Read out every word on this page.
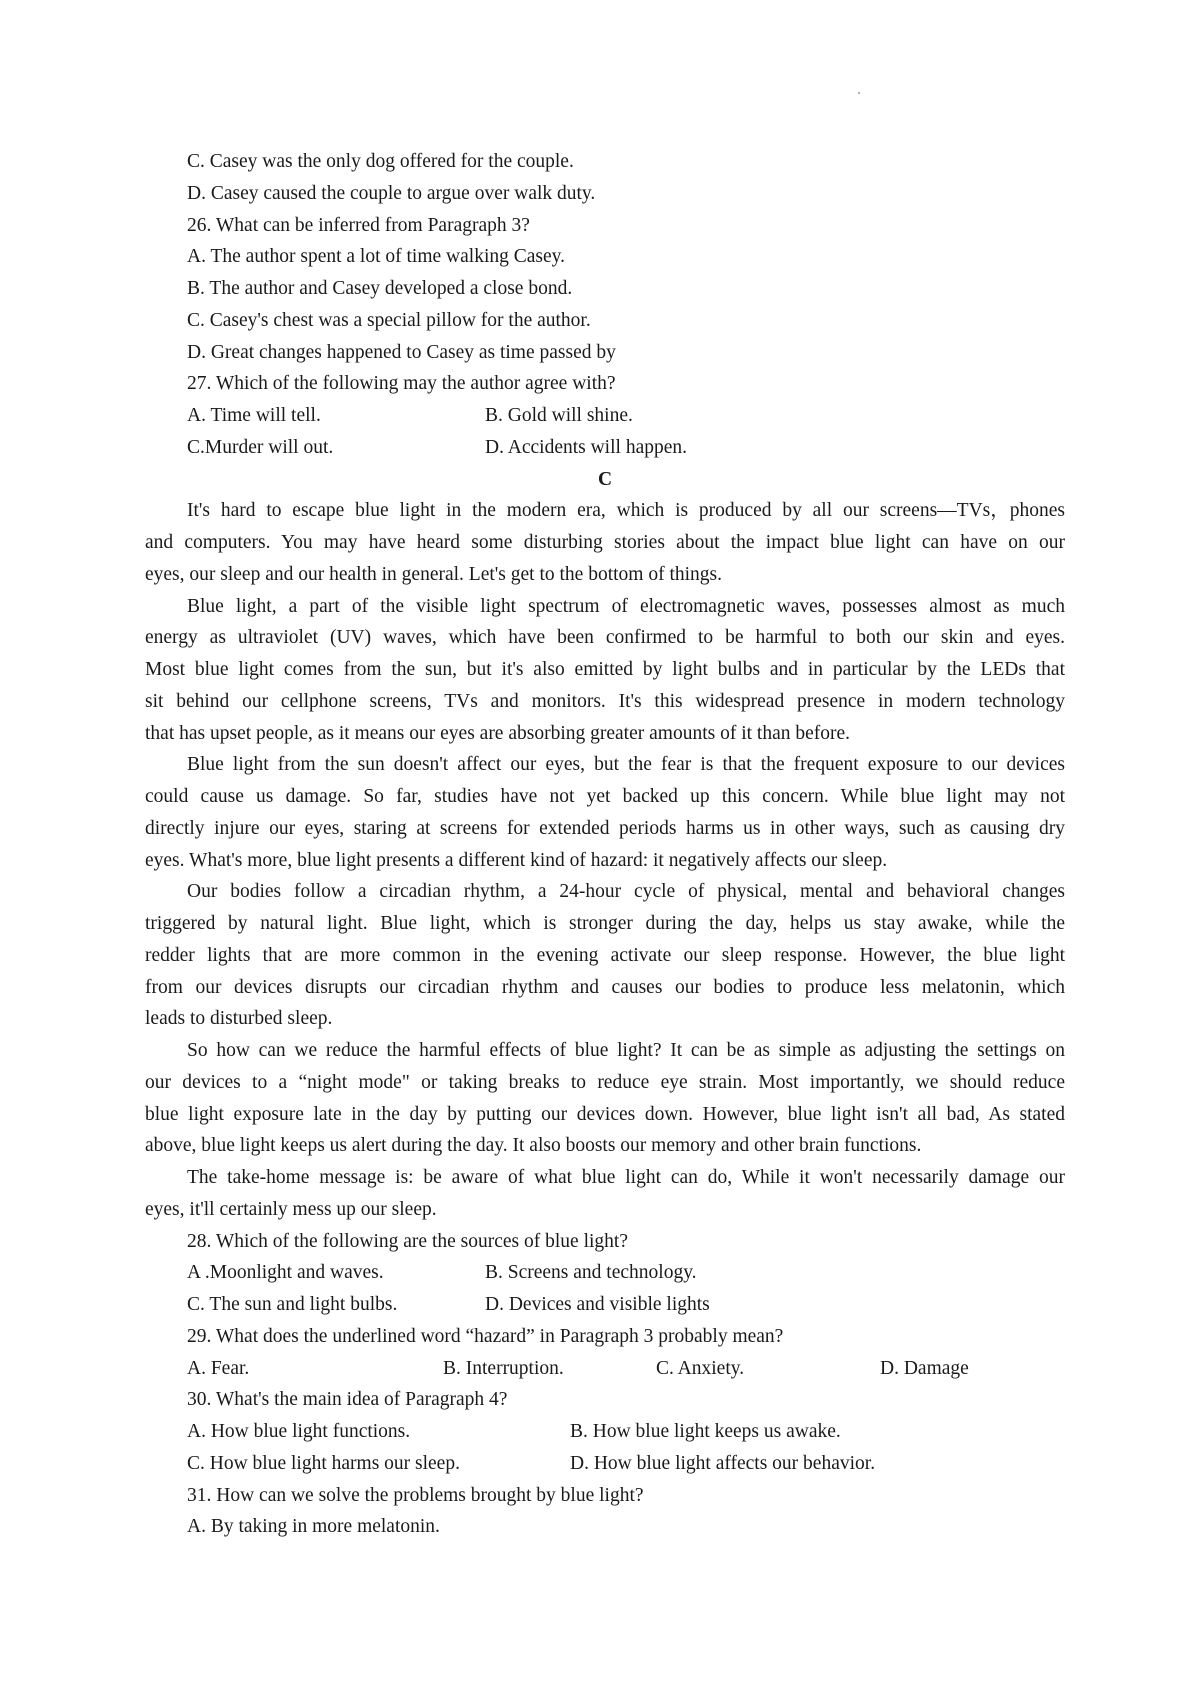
C. Casey was the only dog offered for the couple.
D. Casey caused the couple to argue over walk duty.
26. What can be inferred from Paragraph 3?
A. The author spent a lot of time walking Casey.
B. The author and Casey developed a close bond.
C. Casey's chest was a special pillow for the author.
D. Great changes happened to Casey as time passed by
27. Which of the following may the author agree with?
A. Time will tell.	B. Gold will shine.
C.Murder will out.	D. Accidents will happen.
C
It's hard to escape blue light in the modern era, which is produced by all our screens—TVs，phones
and computers. You may have heard some disturbing stories about the impact blue light can have on our
eyes, our sleep and our health in general. Let's get to the bottom of things.
Blue light, a part of the visible light spectrum of electromagnetic waves, possesses almost as much
energy as ultraviolet (UV) waves, which have been confirmed to be harmful to both our skin and eyes.
Most blue light comes from the sun, but it's also emitted by light bulbs and in particular by the LEDs that
sit behind our cellphone screens, TVs and monitors. It's this widespread presence in modern technology
that has upset people, as it means our eyes are absorbing greater amounts of it than before.
Blue light from the sun doesn't affect our eyes, but the fear is that the frequent exposure to our devices
could cause us damage. So far, studies have not yet backed up this concern. While blue light may not
directly injure our eyes, staring at screens for extended periods harms us in other ways, such as causing dry
eyes. What's more, blue light presents a different kind of hazard: it negatively affects our sleep.
Our bodies follow a circadian rhythm, a 24-hour cycle of physical, mental and behavioral changes
triggered by natural light. Blue light, which is stronger during the day, helps us stay awake, while the
redder lights that are more common in the evening activate our sleep response. However, the blue light
from our devices disrupts our circadian rhythm and causes our bodies to produce less melatonin, which
leads to disturbed sleep.
So how can we reduce the harmful effects of blue light? It can be as simple as adjusting the settings on
our devices to a “night mode" or taking breaks to reduce eye strain. Most importantly, we should reduce
blue light exposure late in the day by putting our devices down. However, blue light isn't all bad, As stated
above, blue light keeps us alert during the day. It also boosts our memory and other brain functions.
The take-home message is: be aware of what blue light can do, While it won't necessarily damage our
eyes, it'll certainly mess up our sleep.
28. Which of the following are the sources of blue light?
A .Moonlight and waves.	B. Screens and technology.
C. The sun and light bulbs.	D. Devices and visible lights
29. What does the underlined word “hazard” in Paragraph 3 probably mean?
A. Fear.	B. Interruption.	C. Anxiety.	D. Damage
30. What's the main idea of Paragraph 4?
A. How blue light functions.	B. How blue light keeps us awake.
C. How blue light harms our sleep.	D. How blue light affects our behavior.
31. How can we solve the problems brought by blue light?
A. By taking in more melatonin.
